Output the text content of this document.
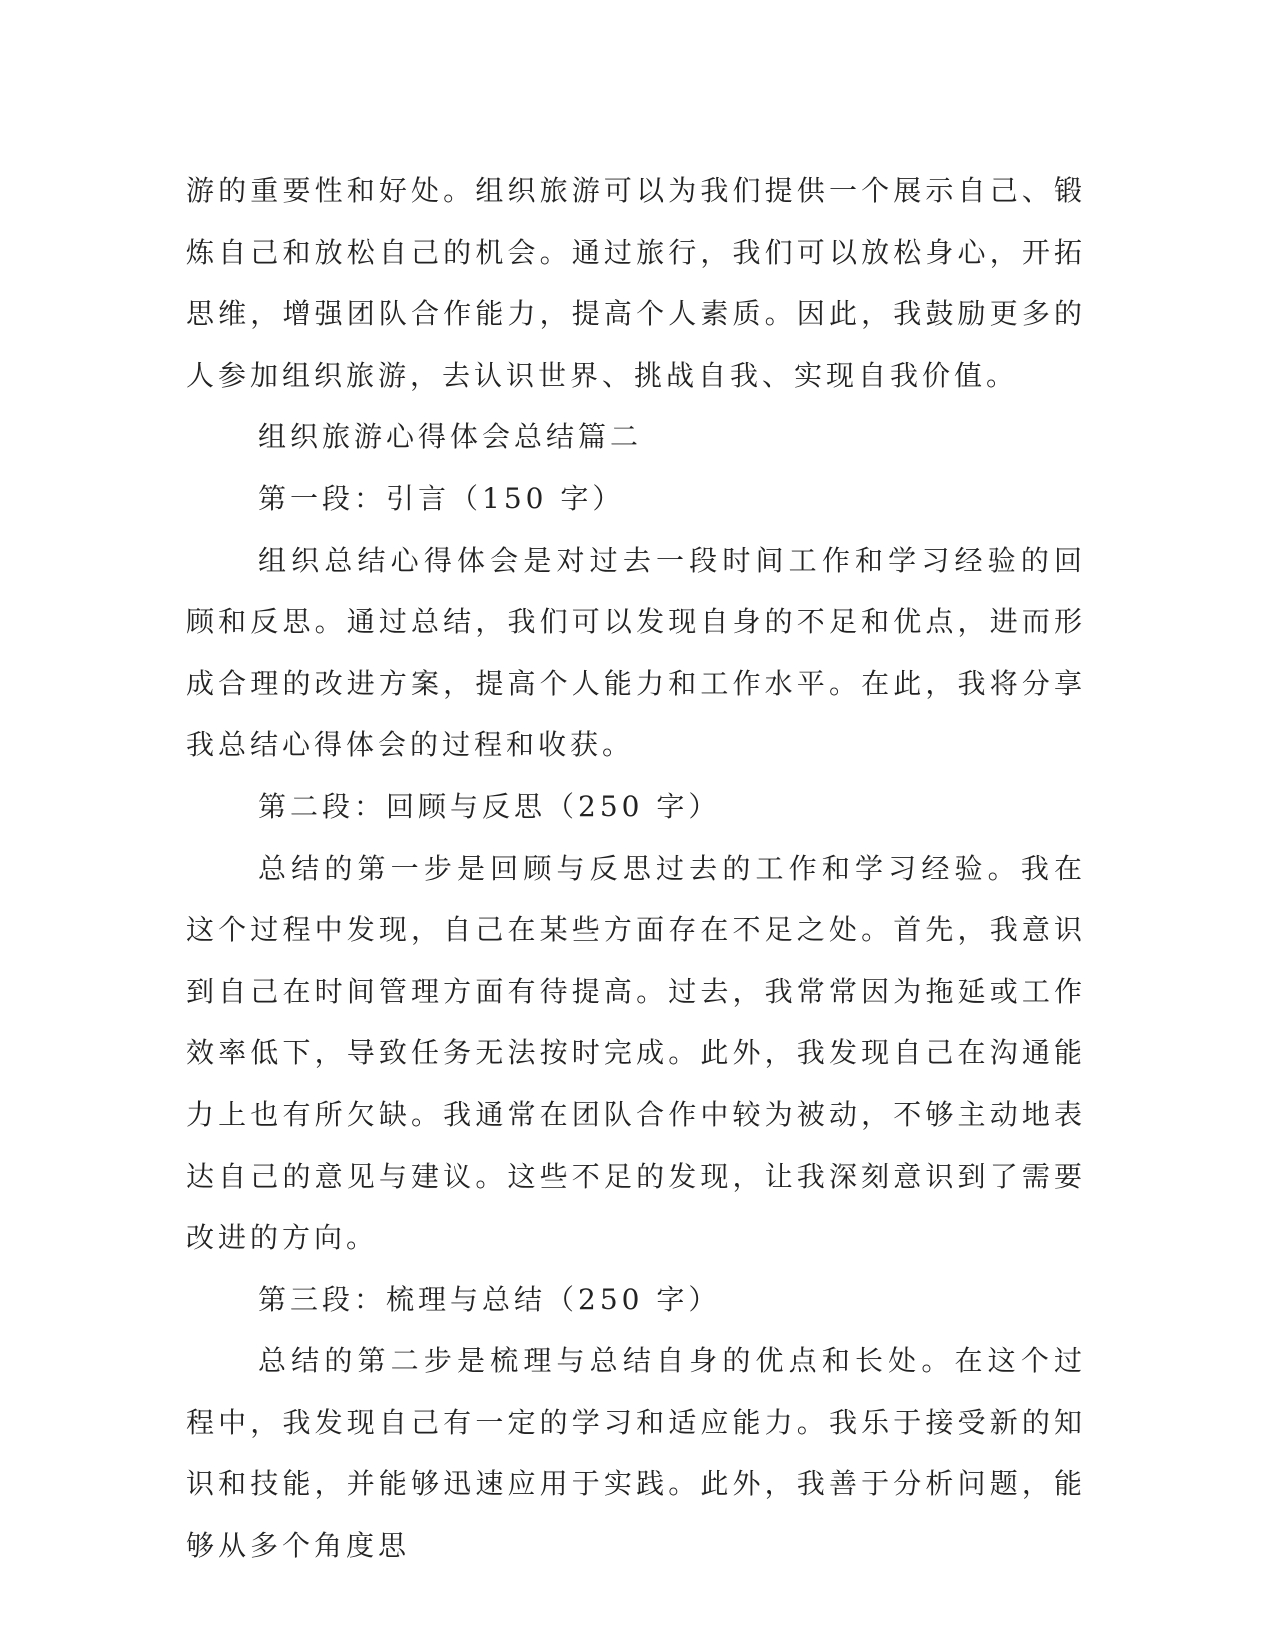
游的重要性和好处。组织旅游可以为我们提供一个展示自己、锻炼自己和放松自己的机会。通过旅行，我们可以放松身心，开拓思维，增强团队合作能力，提高个人素质。因此，我鼓励更多的人参加组织旅游，去认识世界、挑战自我、实现自我价值。

组织旅游心得体会总结篇二

第一段：引言（150 字）

组织总结心得体会是对过去一段时间工作和学习经验的回顾和反思。通过总结，我们可以发现自身的不足和优点，进而形成合理的改进方案，提高个人能力和工作水平。在此，我将分享我总结心得体会的过程和收获。

第二段：回顾与反思（250 字）

总结的第一步是回顾与反思过去的工作和学习经验。我在这个过程中发现，自己在某些方面存在不足之处。首先，我意识到自己在时间管理方面有待提高。过去，我常常因为拖延或工作效率低下，导致任务无法按时完成。此外，我发现自己在沟通能力上也有所欠缺。我通常在团队合作中较为被动，不够主动地表达自己的意见与建议。这些不足的发现，让我深刻意识到了需要改进的方向。

第三段：梳理与总结（250 字）

总结的第二步是梳理与总结自身的优点和长处。在这个过程中，我发现自己有一定的学习和适应能力。我乐于接受新的知识和技能，并能够迅速应用于实践。此外，我善于分析问题，能够从多个角度思
